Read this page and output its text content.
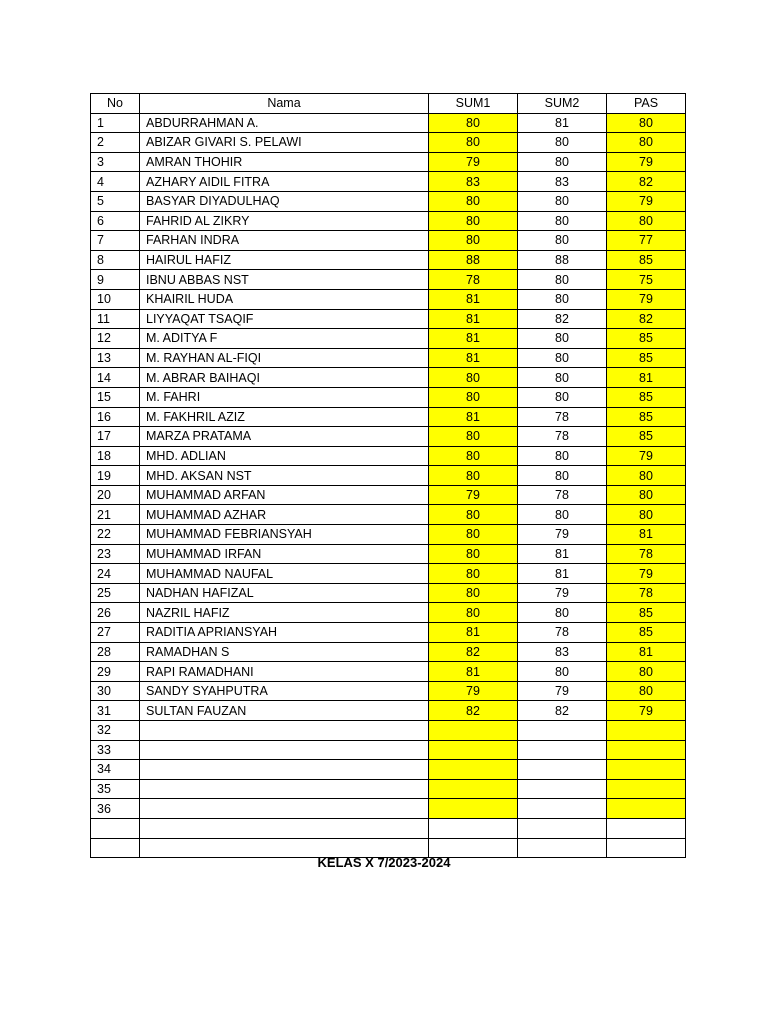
No	Nama	SUM1	SUM2	PAS
1	ABDURRAHMAN A.	80	81	80
2	ABIZAR GIVARI S. PELAWI	80	80	80
3	AMRAN THOHIR	79	80	79
4	AZHARY AIDIL FITRA	83	83	82
5	BASYAR DIYADULHAQ	80	80	79
6	FAHRID AL ZIKRY	80	80	80
7	FARHAN INDRA	80	80	77
8	HAIRUL HAFIZ	88	88	85
9	IBNU ABBAS NST	78	80	75
10	KHAIRIL HUDA	81	80	79
11	LIYYAQAT TSAQIF	81	82	82
12	M. ADITYA F	81	80	85
13	M. RAYHAN AL-FIQI	81	80	85
14	M. ABRAR BAIHAQI	80	80	81
15	M. FAHRI	80	80	85
16	M. FAKHRIL AZIZ	81	78	85
17	MARZA PRATAMA	80	78	85
18	MHD. ADLIAN	80	80	79
19	MHD. AKSAN NST	80	80	80
20	MUHAMMAD ARFAN	79	78	80
21	MUHAMMAD AZHAR	80	80	80
22	MUHAMMAD FEBRIANSYAH	80	79	81
23	MUHAMMAD IRFAN	80	81	78
24	MUHAMMAD NAUFAL	80	81	79
25	NADHAN HAFIZAL	80	79	78
26	NAZRIL HAFIZ	80	80	85
27	RADITIA APRIANSYAH	81	78	85
28	RAMADHAN S	82	83	81
29	RAPI RAMADHANI	81	80	80
30	SANDY SYAHPUTRA	79	79	80
31	SULTAN FAUZAN	82	82	79
32				
33				
34				
35				
36				

KELAS X 7/2023-2024
